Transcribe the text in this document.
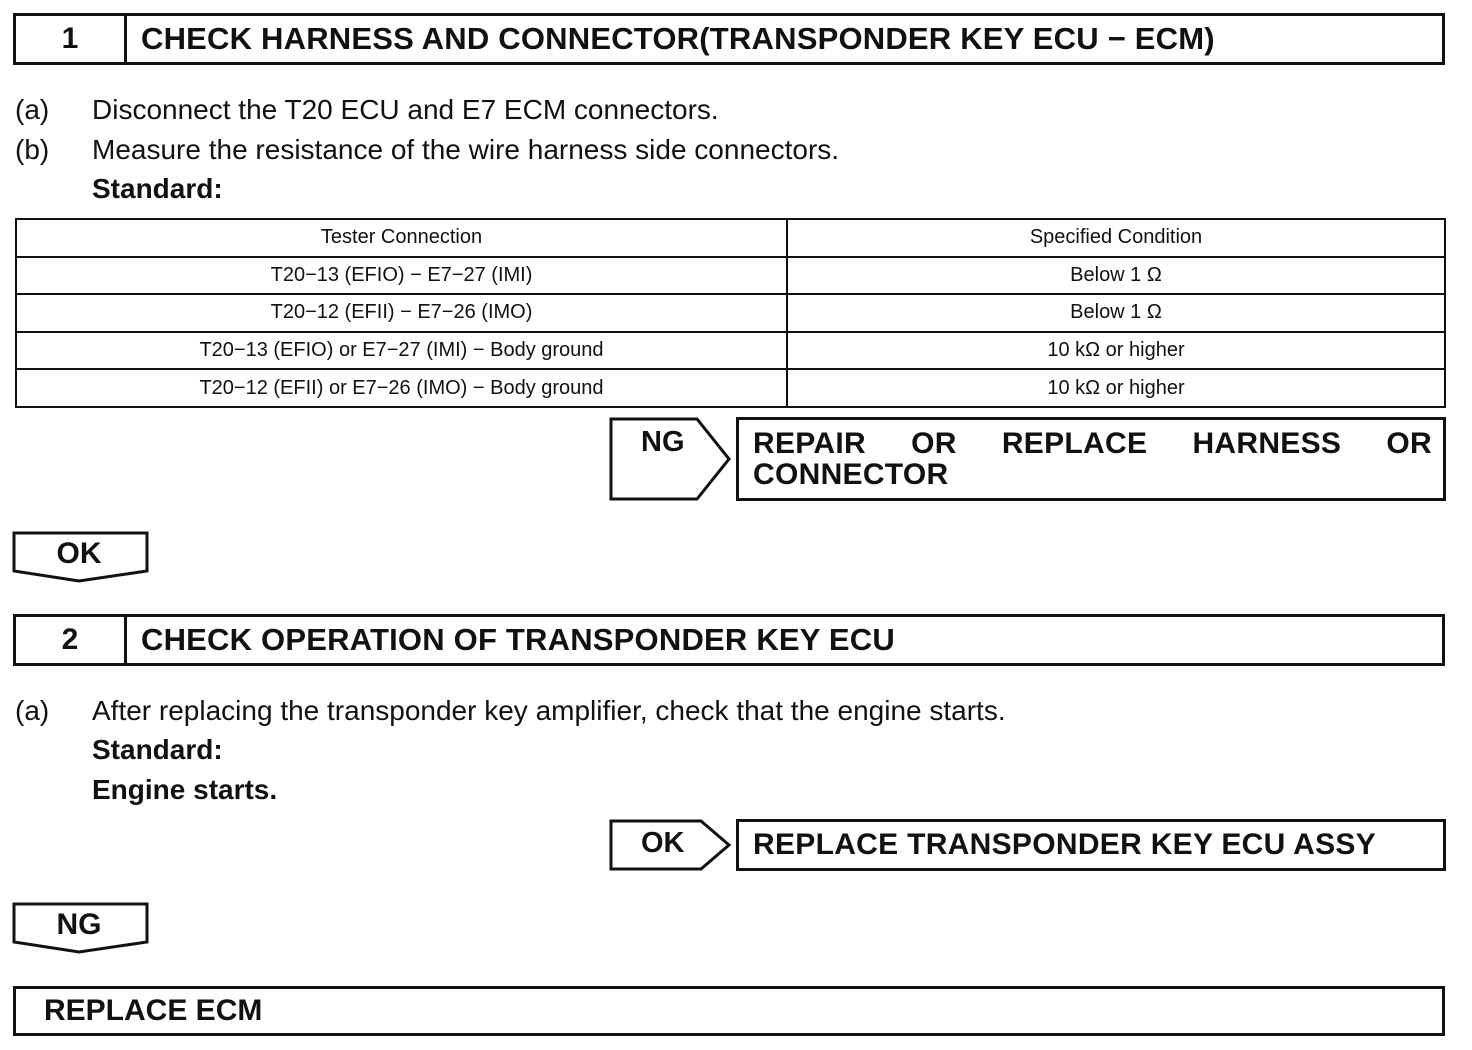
1	CHECK HARNESS AND CONNECTOR(TRANSPONDER KEY ECU − ECM)
(a) Disconnect the T20 ECU and E7 ECM connectors.
(b) Measure the resistance of the wire harness side connectors.
Standard:
Tester Connection	Specified Condition
T20−13 (EFIO) − E7−27 (IMI)	Below 1 Ω
T20−12 (EFII) − E7−26 (IMO)	Below 1 Ω
T20−13 (EFIO) or E7−27 (IMI) − Body ground	10 kΩ or higher
T20−12 (EFII) or E7−26 (IMO) − Body ground	10 kΩ or higher
NG REPAIR OR REPLACE HARNESS OR
CONNECTOR
OK
2	CHECK OPERATION OF TRANSPONDER KEY ECU
(a) After replacing the transponder key amplifier, check that the engine starts.
Standard:
Engine starts.
OK	REPLACE TRANSPONDER KEY ECU ASSY
NG
REPLACE ECM
